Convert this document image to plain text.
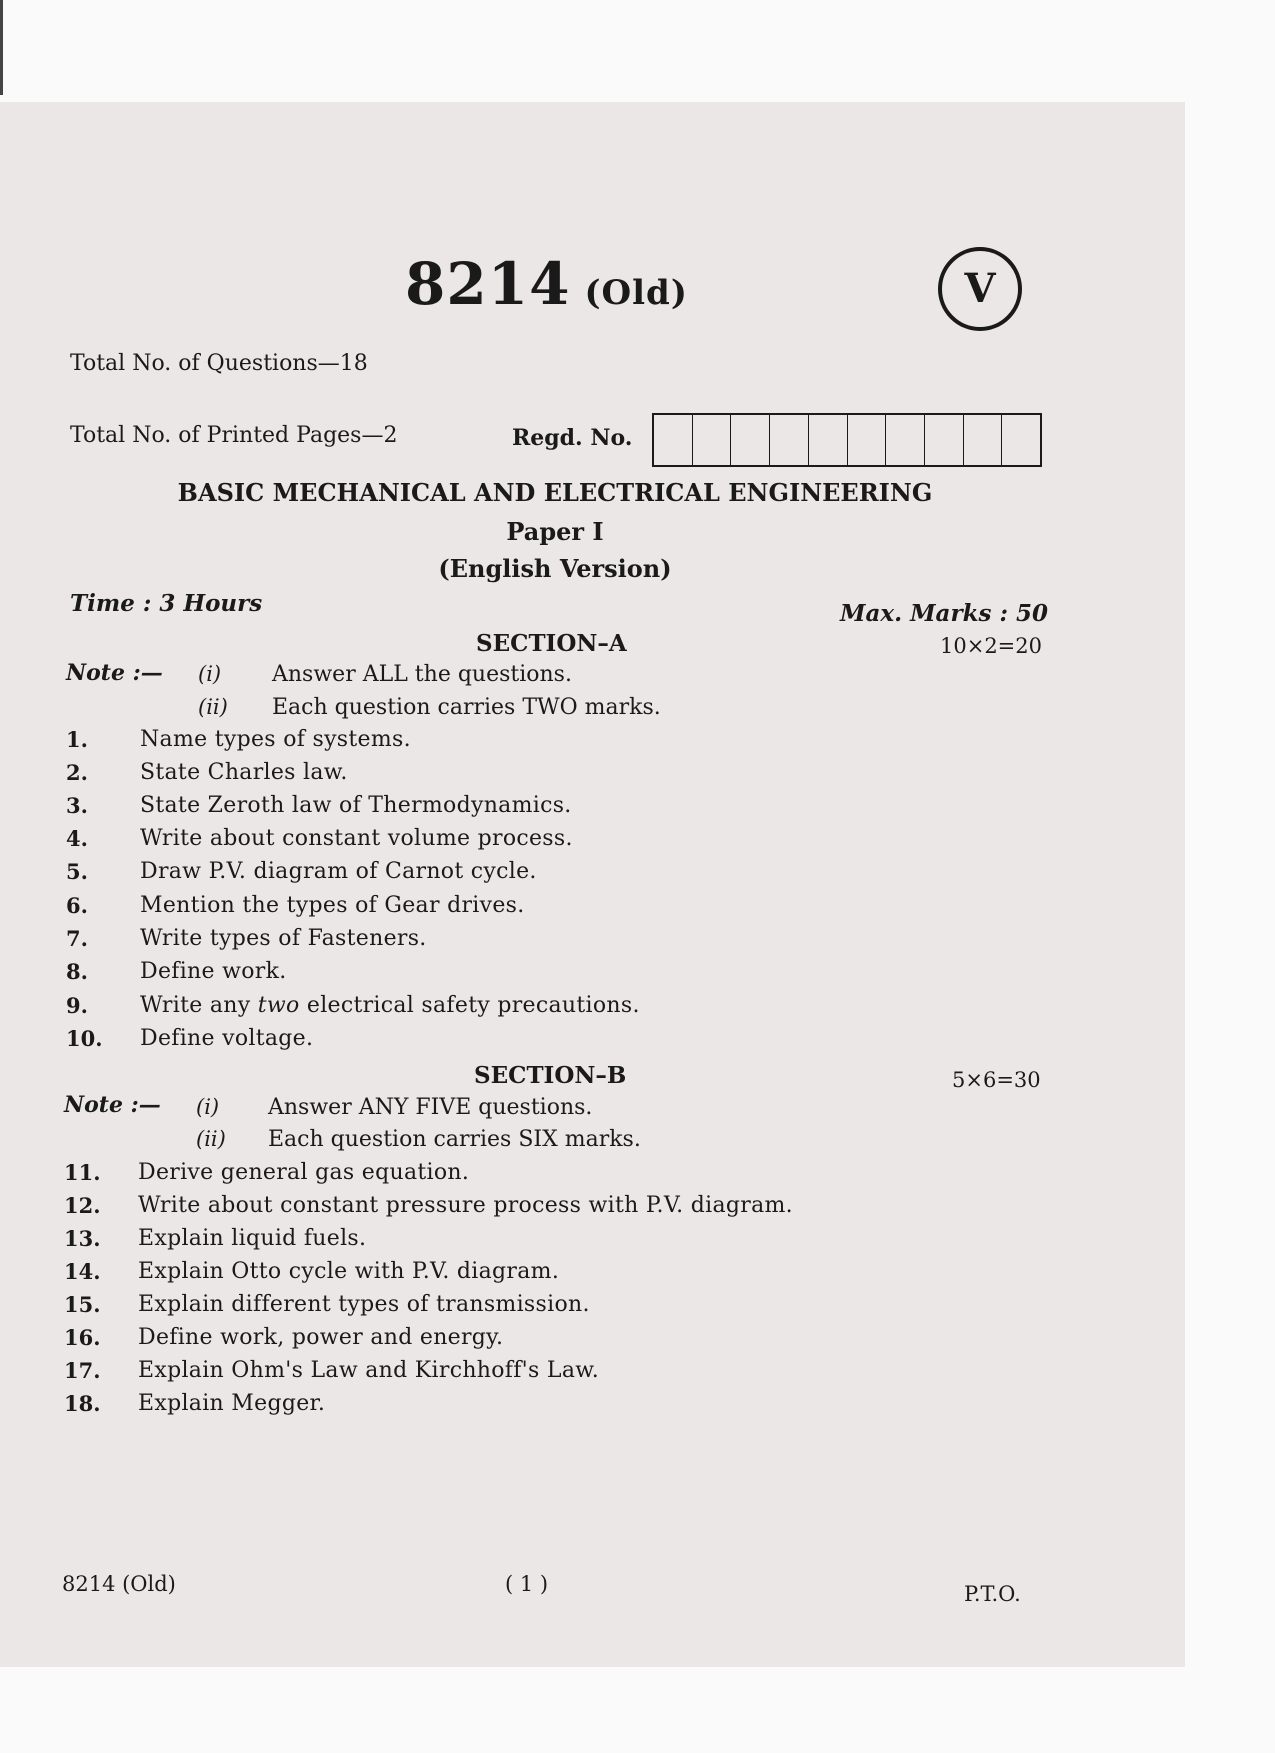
8214 (Old)	V
Total No. of Questions—18
Total No. of Printed Pages—2	Regd. No.
BASIC MECHANICAL AND ELECTRICAL ENGINEERING
Paper I
(English Version)
Time : 3 Hours	Max. Marks : 50
SECTION–A	10×2=20
Note :— (i) Answer ALL the questions.
(ii) Each question carries TWO marks.
1. Name types of systems.
2. State Charles law.
3. State Zeroth law of Thermodynamics.
4. Write about constant volume process.
5. Draw P.V. diagram of Carnot cycle.
6. Mention the types of Gear drives.
7. Write types of Fasteners.
8. Define work.
9. Write any two electrical safety precautions.
10. Define voltage.
SECTION–B	5×6=30
Note :— (i) Answer ANY FIVE questions.
(ii) Each question carries SIX marks.
11. Derive general gas equation.
12. Write about constant pressure process with P.V. diagram.
13. Explain liquid fuels.
14. Explain Otto cycle with P.V. diagram.
15. Explain different types of transmission.
16. Define work, power and energy.
17. Explain Ohm's Law and Kirchhoff's Law.
18. Explain Megger.
8214 (Old)	( 1 )	P.T.O.
